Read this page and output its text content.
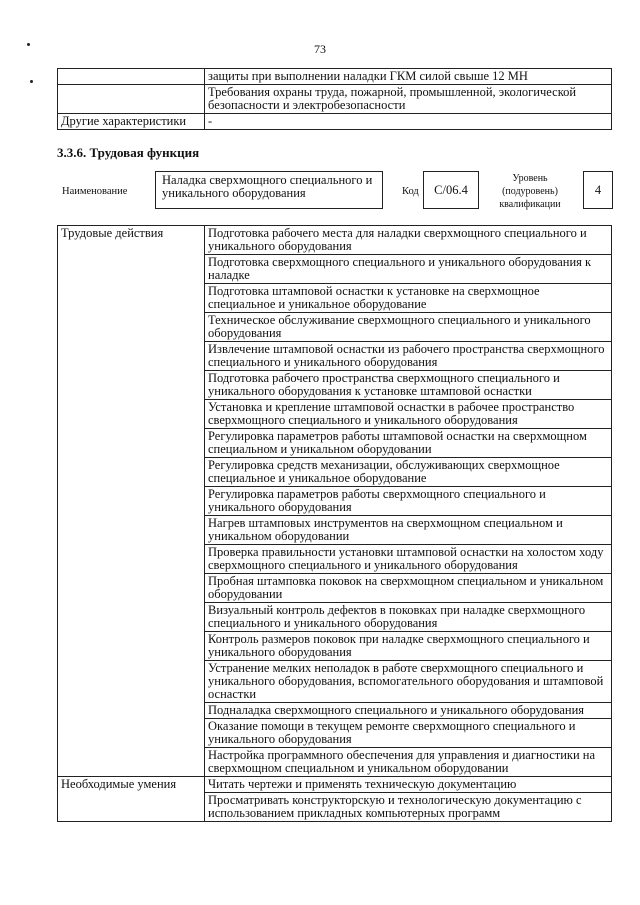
73
	защиты при выполнении наладки ГКМ силой свыше 12 МН
	Требования охраны труда, пожарной, промышленной, экологической безопасности и электробезопасности
Другие характеристики	-
3.3.6. Трудовая функция
Наименование
Наладка сверхмощного специального и уникального оборудования	Код	C/06.4
Уровень (подуровень) квалификации
4
Трудовые действия	Подготовка рабочего места для наладки сверхмощного специального и уникального оборудования
	Подготовка сверхмощного специального и уникального оборудования к наладке
	Подготовка штамповой оснастки к установке на сверхмощное специальное и уникальное оборудование
	Техническое обслуживание сверхмощного специального и уникального оборудования
	Извлечение штамповой оснастки из рабочего пространства сверхмощного специального и уникального оборудования
	Подготовка рабочего пространства сверхмощного специального и уникального оборудования к установке штамповой оснастки
	Установка и крепление штамповой оснастки в рабочее пространство сверхмощного специального и уникального оборудования
	Регулировка параметров работы штамповой оснастки на сверхмощном специальном и уникальном оборудовании
	Регулировка средств механизации, обслуживающих сверхмощное специальное и уникальное оборудование
	Регулировка параметров работы сверхмощного специального и уникального оборудования
	Нагрев штамповых инструментов на сверхмощном специальном и уникальном оборудовании
	Проверка правильности установки штамповой оснастки на холостом ходу сверхмощного специального и уникального оборудования
	Пробная штамповка поковок на сверхмощном специальном и уникальном оборудовании
	Визуальный контроль дефектов в поковках при наладке сверхмощного специального и уникального оборудования
	Контроль размеров поковок при наладке сверхмощного специального и уникального оборудования
	Устранение мелких неполадок в работе сверхмощного специального и уникального оборудования, вспомогательного оборудования и штамповой оснастки
	Подналадка сверхмощного специального и уникального оборудования
	Оказание помощи в текущем ремонте сверхмощного специального и уникального оборудования
	Настройка программного обеспечения для управления и диагностики на сверхмощном специальном и уникальном оборудовании
Необходимые умения	Читать чертежи и применять техническую документацию
	Просматривать конструкторскую и технологическую документацию с использованием прикладных компьютерных программ
